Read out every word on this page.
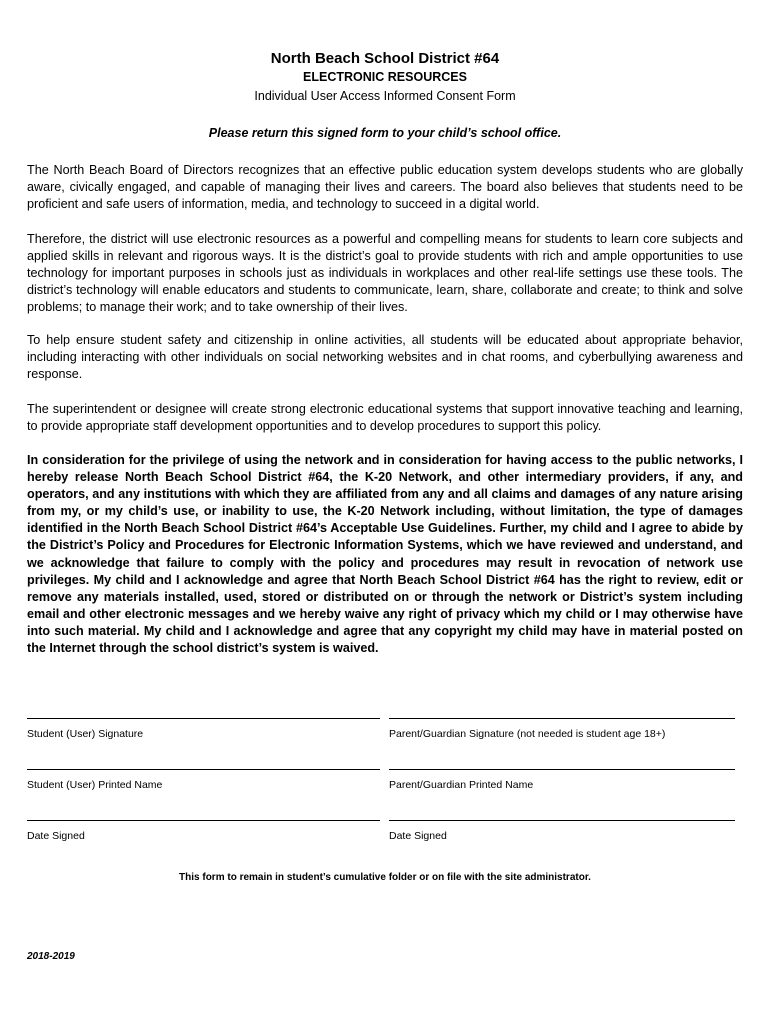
North Beach School District #64
ELECTRONIC RESOURCES
Individual User Access Informed Consent Form
Please return this signed form to your child’s school office.

The North Beach Board of Directors recognizes that an effective public education system develops students who are globally aware, civically engaged, and capable of managing their lives and careers. The board also believes that students need to be proficient and safe users of information, media, and technology to succeed in a digital world.

Therefore, the district will use electronic resources as a powerful and compelling means for students to learn core subjects and applied skills in relevant and rigorous ways. It is the district’s goal to provide students with rich and ample opportunities to use technology for important purposes in schools just as individuals in workplaces and other real-life settings use these tools. The district’s technology will enable educators and students to communicate, learn, share, collaborate and create; to think and solve problems; to manage their work; and to take ownership of their lives.

To help ensure student safety and citizenship in online activities, all students will be educated about appropriate behavior, including interacting with other individuals on social networking websites and in chat rooms, and cyberbullying awareness and response.

The superintendent or designee will create strong electronic educational systems that support innovative teaching and learning, to provide appropriate staff development opportunities and to develop procedures to support this policy.

In consideration for the privilege of using the network and in consideration for having access to the public networks, I hereby release North Beach School District #64, the K-20 Network, and other intermediary providers, if any, and operators, and any institutions with which they are affiliated from any and all claims and damages of any nature arising from my, or my child’s use, or inability to use, the K-20 Network including, without limitation, the type of damages identified in the North Beach School District #64’s Acceptable Use Guidelines. Further, my child and I agree to abide by the District’s Policy and Procedures for Electronic Information Systems, which we have reviewed and understand, and we acknowledge that failure to comply with the policy and procedures may result in revocation of network use privileges. My child and I acknowledge and agree that North Beach School District #64 has the right to review, edit or remove any materials installed, used, stored or distributed on or through the network or District’s system including email and other electronic messages and we hereby waive any right of privacy which my child or I may otherwise have into such material. My child and I acknowledge and agree that any copyright my child may have in material posted on the Internet through the school district’s system is waived.

Student (User) Signature	Parent/Guardian Signature (not needed is student age 18+)
Student (User) Printed Name	Parent/Guardian Printed Name
Date Signed	Date Signed
This form to remain in student’s cumulative folder or on file with the site administrator.
2018-2019
